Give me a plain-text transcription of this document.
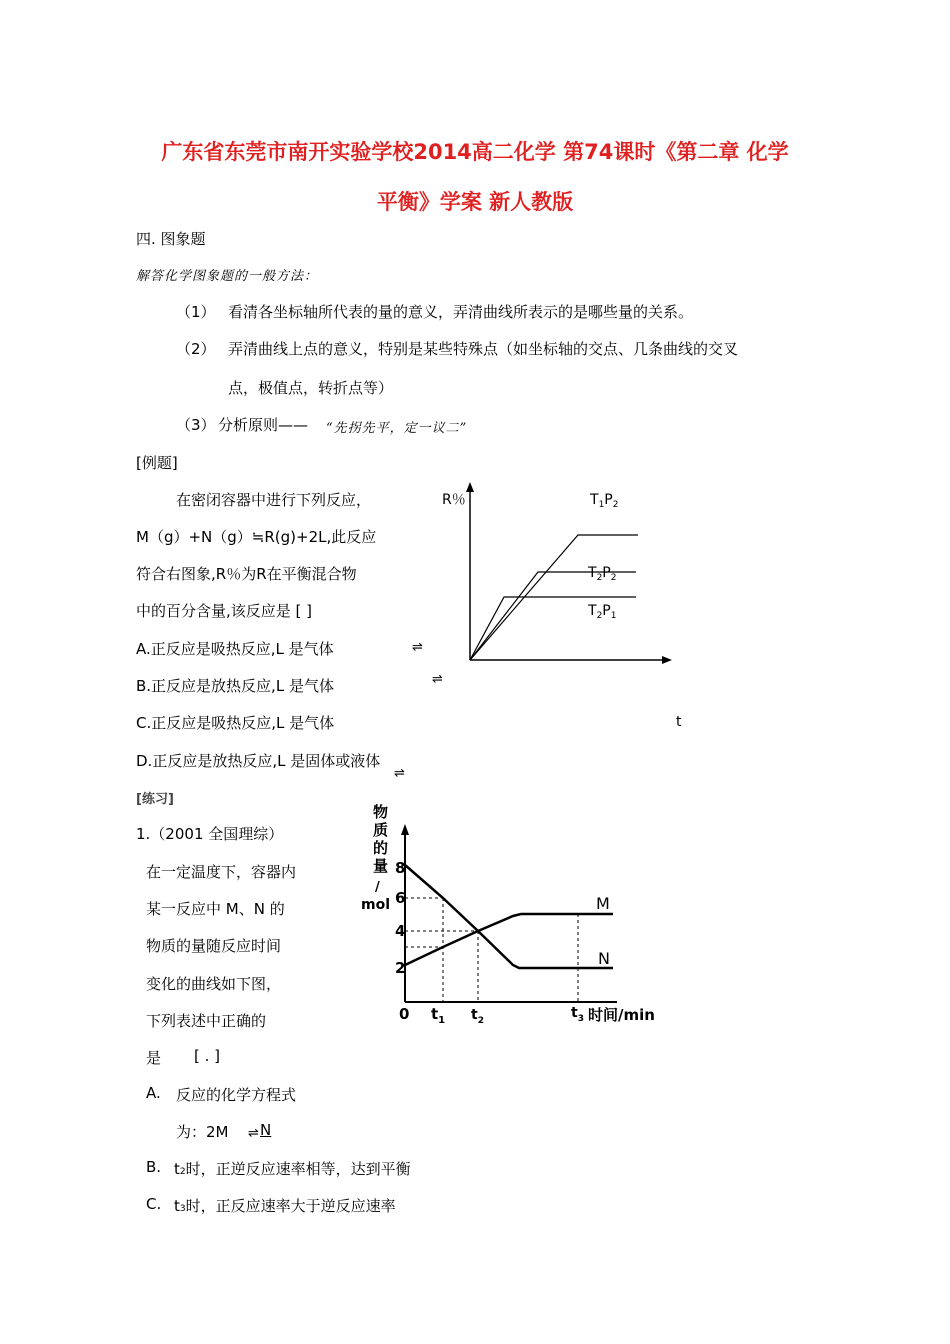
广东省东莞市南开实验学校2014高二化学 第74课时《第二章 化学
平衡》学案 新人教版
四. 图象题
解答化学图象题的一般方法：
（1） 看清各坐标轴所代表的量的意义，弄清曲线所表示的是哪些量的关系。
（2） 弄清曲线上点的意义，特别是某些特殊点（如坐标轴的交点、几条曲线的交叉
点，极值点，转折点等）
（3） 分析原则—— “先拐先平，定一议二”
[例题]
在密闭容器中进行下列反应，
M（g）+N（g）≒R(g)+2L,此反应
符合右图象,R％为R在平衡混合物
中的百分含量,该反应是 [ ]
A.正反应是吸热反应,L 是气体
B.正反应是放热反应,L 是气体
C.正反应是吸热反应,L 是气体
D.正反应是放热反应,L 是固体或液体
⇌
⇌
⇌
R％	$T_1P_2$
$T_2P_2$
$T_2P_1$
t
[练习]
1.（2001 全国理综）
在一定温度下，容器内
某一反应中 M、N 的
物质的量随反应时间
变化的曲线如下图，
下列表述中正确的
是 [ . ]
A. 反应的化学方程式
为：2M ⇌ N
B. t2时，正逆反应速率相等，达到平衡
C. t3时，正反应速率大于逆反应速率
物
质
的
量
/
mol
8
6
4
2
M
N
0 $t_1$ $t_2$	$t_3$ 时间/min
